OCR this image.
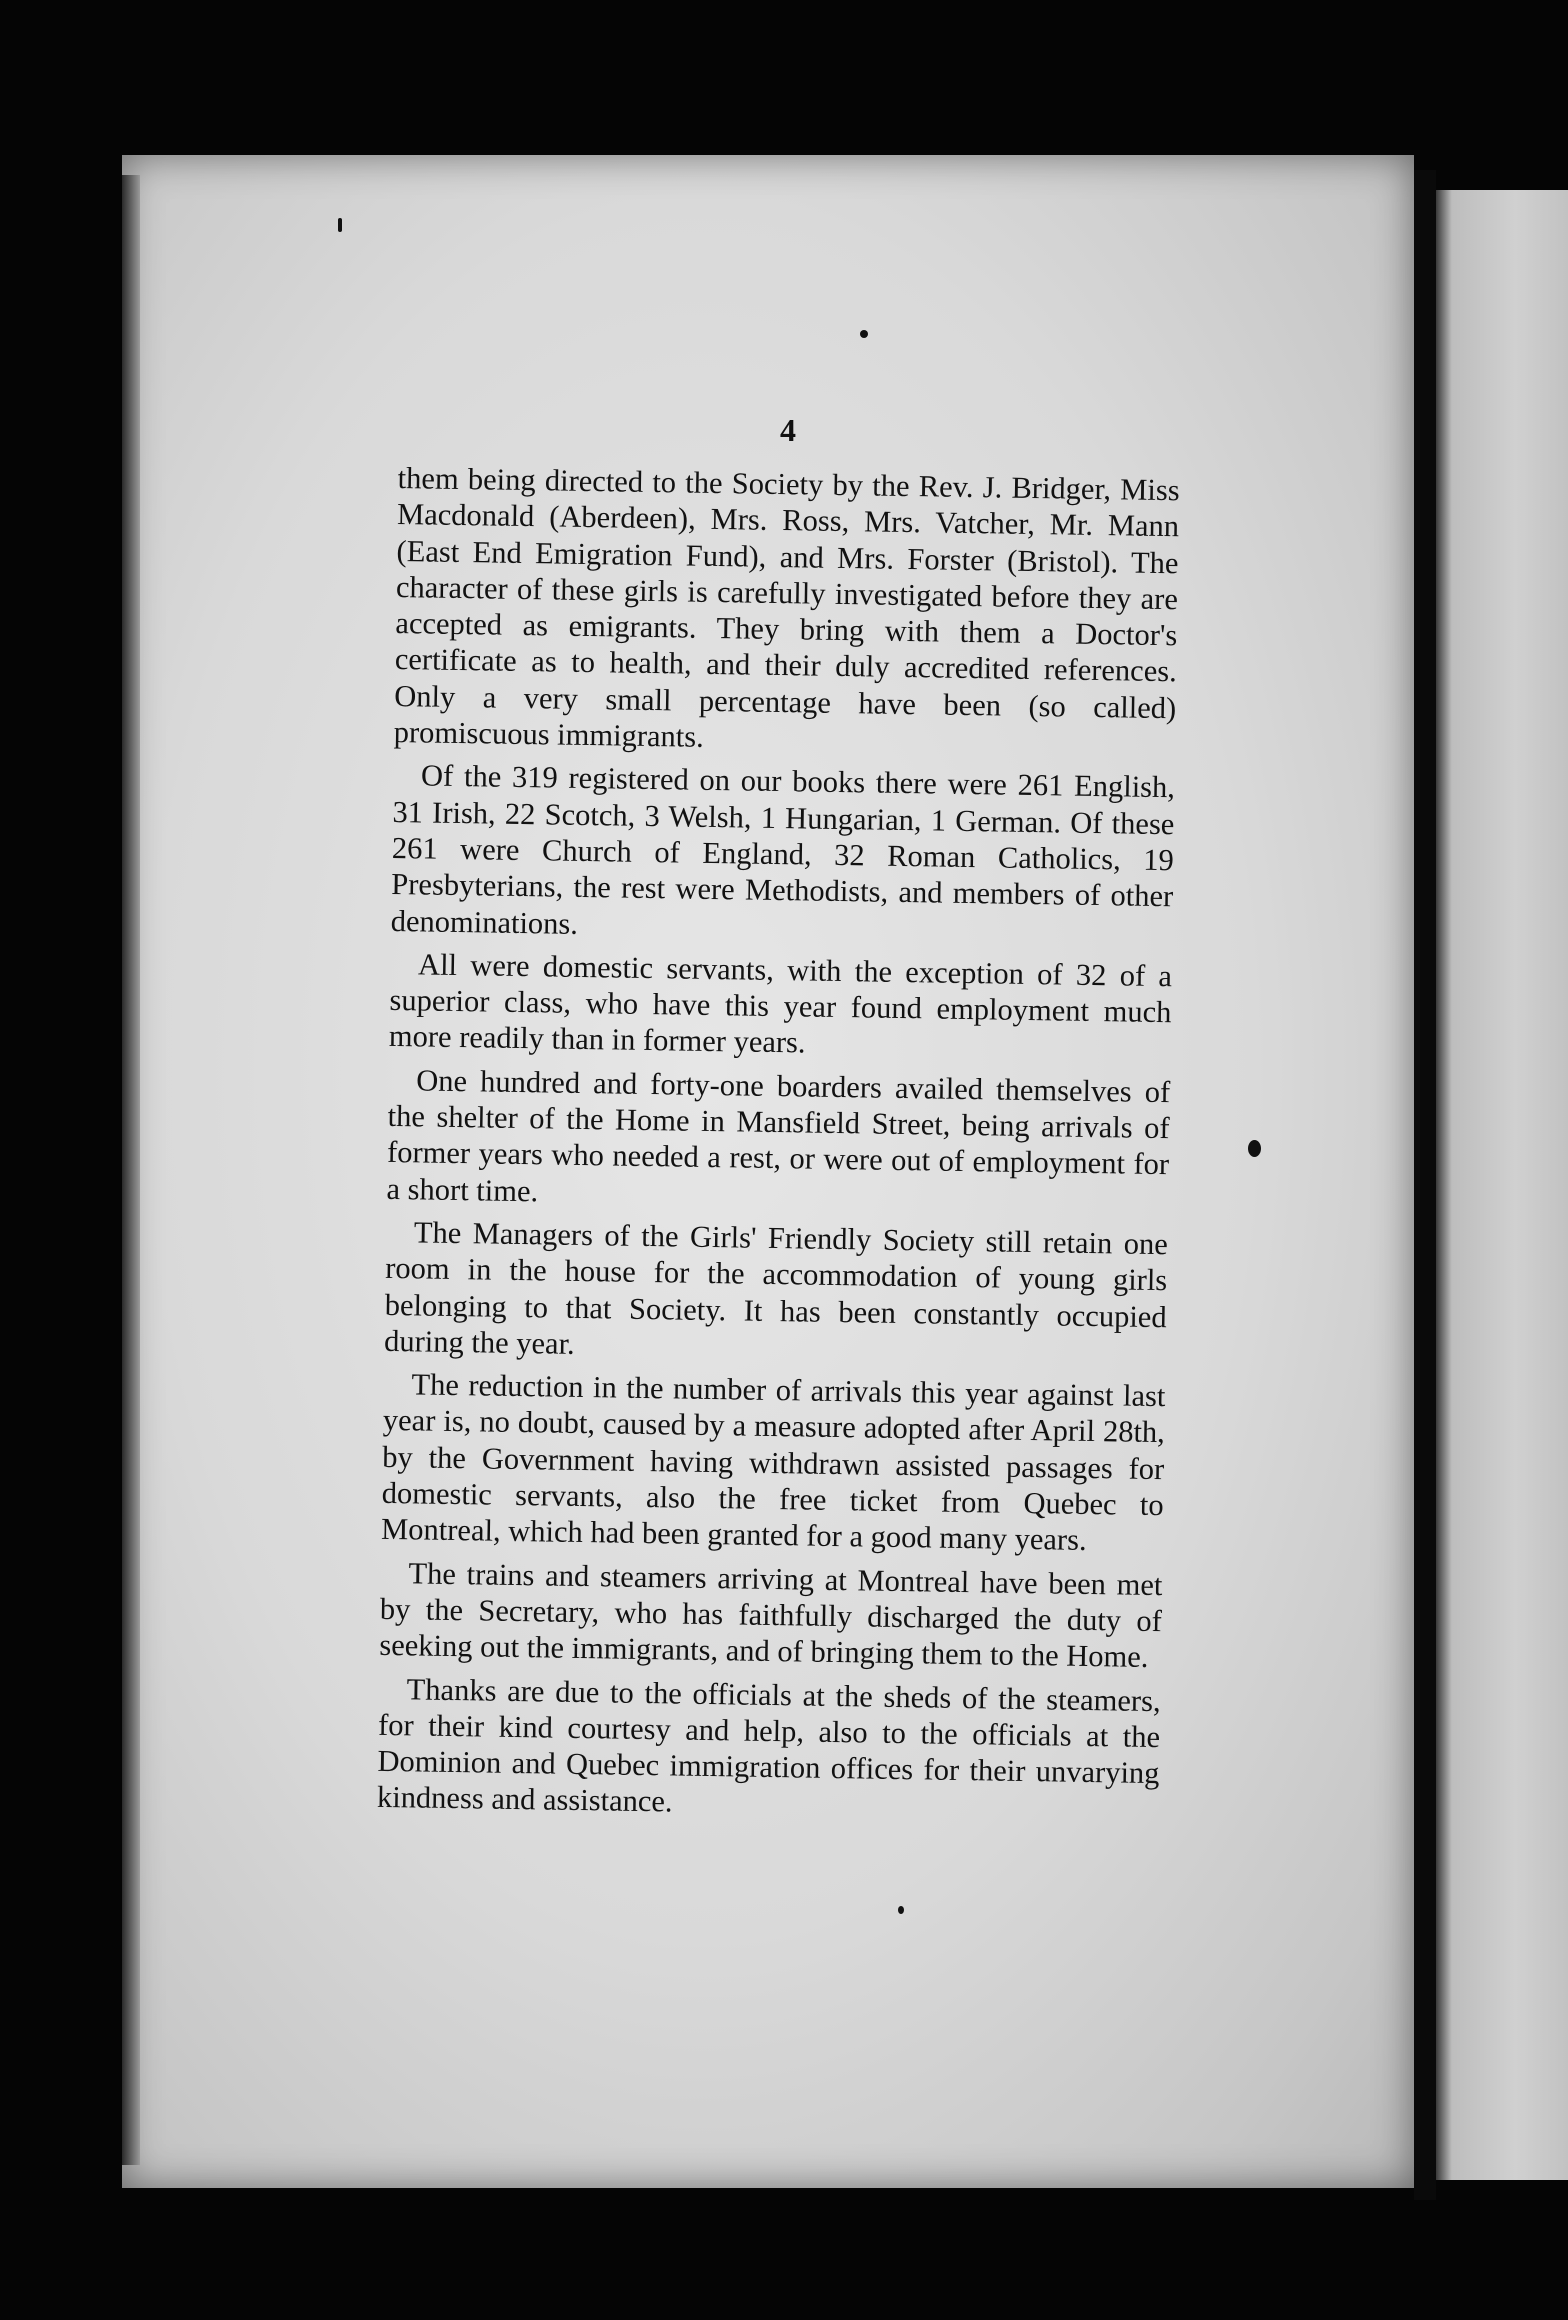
4

them being directed to the Society by the Rev. J. Bridger, Miss Macdonald (Aberdeen), Mrs. Ross, Mrs. Vatcher, Mr. Mann (East End Emigration Fund), and Mrs. Forster (Bristol). The character of these girls is carefully investigated before they are accepted as emigrants. They bring with them a Doctor's certificate as to health, and their duly accredited references. Only a very small percentage have been (so called) promiscuous immigrants.

Of the 319 registered on our books there were 261 English, 31 Irish, 22 Scotch, 3 Welsh, 1 Hungarian, 1 German. Of these 261 were Church of England, 32 Roman Catholics, 19 Presbyterians, the rest were Methodists, and members of other denominations.

All were domestic servants, with the exception of 32 of a superior class, who have this year found employment much more readily than in former years.

One hundred and forty-one boarders availed themselves of the shelter of the Home in Mansfield Street, being arrivals of former years who needed a rest, or were out of employment for a short time.

The Managers of the Girls' Friendly Society still retain one room in the house for the accommodation of young girls belonging to that Society. It has been constantly occupied during the year.

The reduction in the number of arrivals this year against last year is, no doubt, caused by a measure adopted after April 28th, by the Government having withdrawn assisted passages for domestic servants, also the free ticket from Quebec to Montreal, which had been granted for a good many years.

The trains and steamers arriving at Montreal have been met by the Secretary, who has faithfully discharged the duty of seeking out the immigrants, and of bringing them to the Home.

Thanks are due to the officials at the sheds of the steamers, for their kind courtesy and help, also to the officials at the Dominion and Quebec immigration offices for their unvarying kindness and assistance.
